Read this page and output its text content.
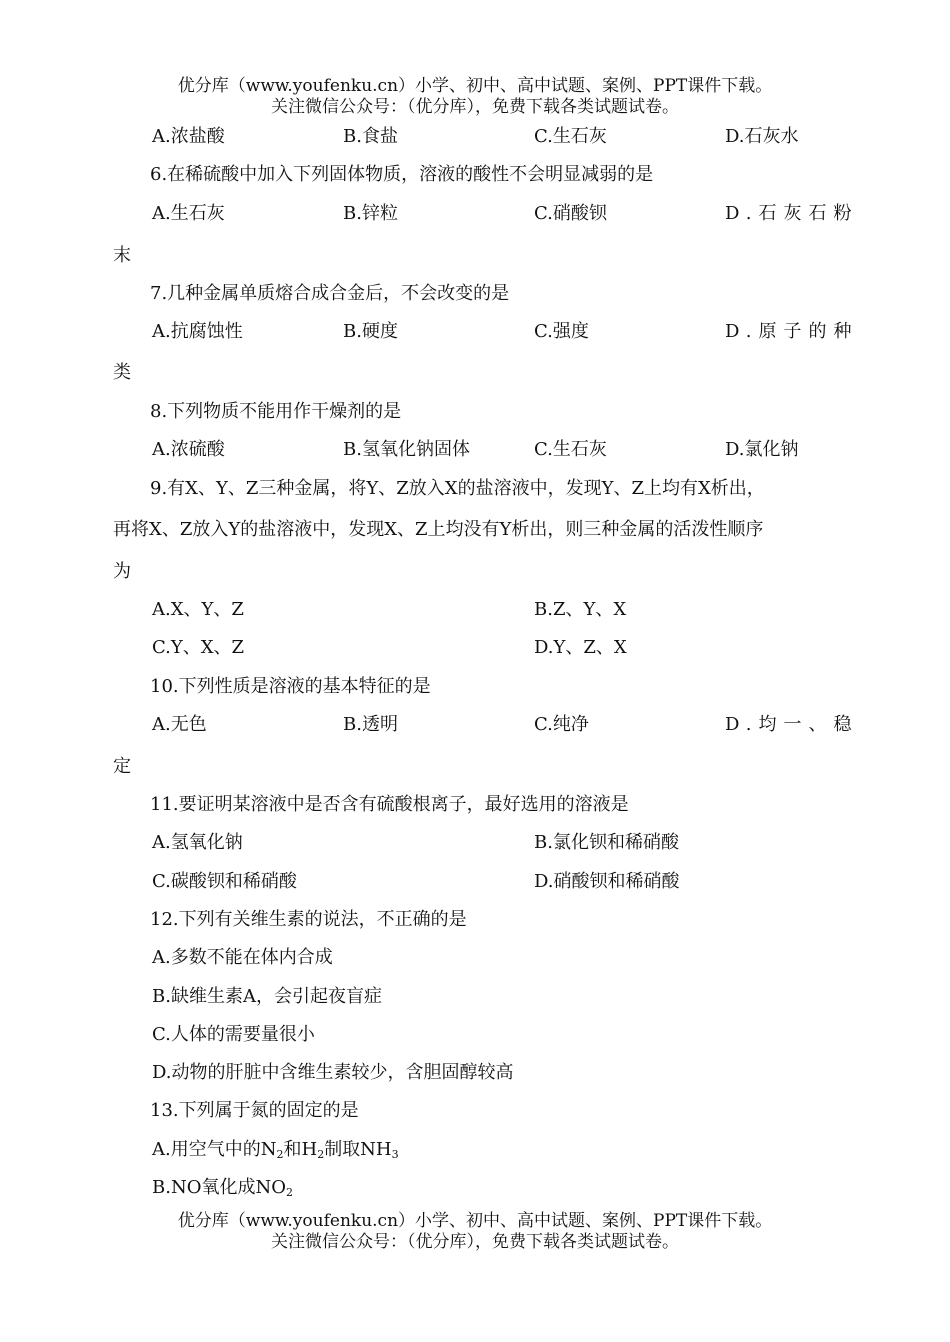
优分库（www.youfenku.cn）小学、初中、高中试题、案例、PPT课件下载。
关注微信公众号：（优分库），免费下载各类试题试卷。
A.浓盐酸	B.食盐	C.生石灰	D.石灰水
6.在稀硫酸中加入下列固体物质，溶液的酸性不会明显减弱的是
A.生石灰	B.锌粒	C.硝酸钡	D.石灰石粉
末
7.几种金属单质熔合成合金后，不会改变的是
A.抗腐蚀性	B.硬度	C.强度	D.原子的种
类
8.下列物质不能用作干燥剂的是
A.浓硫酸	B.氢氧化钠固体	C.生石灰	D.氯化钠
9.有X、Y、Z三种金属，将Y、Z放入X的盐溶液中，发现Y、Z上均有X析出，
再将X、Z放入Y的盐溶液中，发现X、Z上均没有Y析出，则三种金属的活泼性顺序
为
A.X、Y、Z	B.Z、Y、X
C.Y、X、Z	D.Y、Z、X
10.下列性质是溶液的基本特征的是
A.无色	B.透明	C.纯净	D.均一、稳
定
11.要证明某溶液中是否含有硫酸根离子，最好选用的溶液是
A.氢氧化钠	B.氯化钡和稀硝酸
C.碳酸钡和稀硝酸	D.硝酸钡和稀硝酸
12.下列有关维生素的说法，不正确的是
A.多数不能在体内合成
B.缺维生素A，会引起夜盲症
C.人体的需要量很小
D.动物的肝脏中含维生素较少，含胆固醇较高
13.下列属于氮的固定的是
A.用空气中的$N_2$和$H_2$制取$NH_3$
B.NO氧化成$NO_2$
优分库（www.youfenku.cn）小学、初中、高中试题、案例、PPT课件下载。
关注微信公众号：（优分库），免费下载各类试题试卷。
